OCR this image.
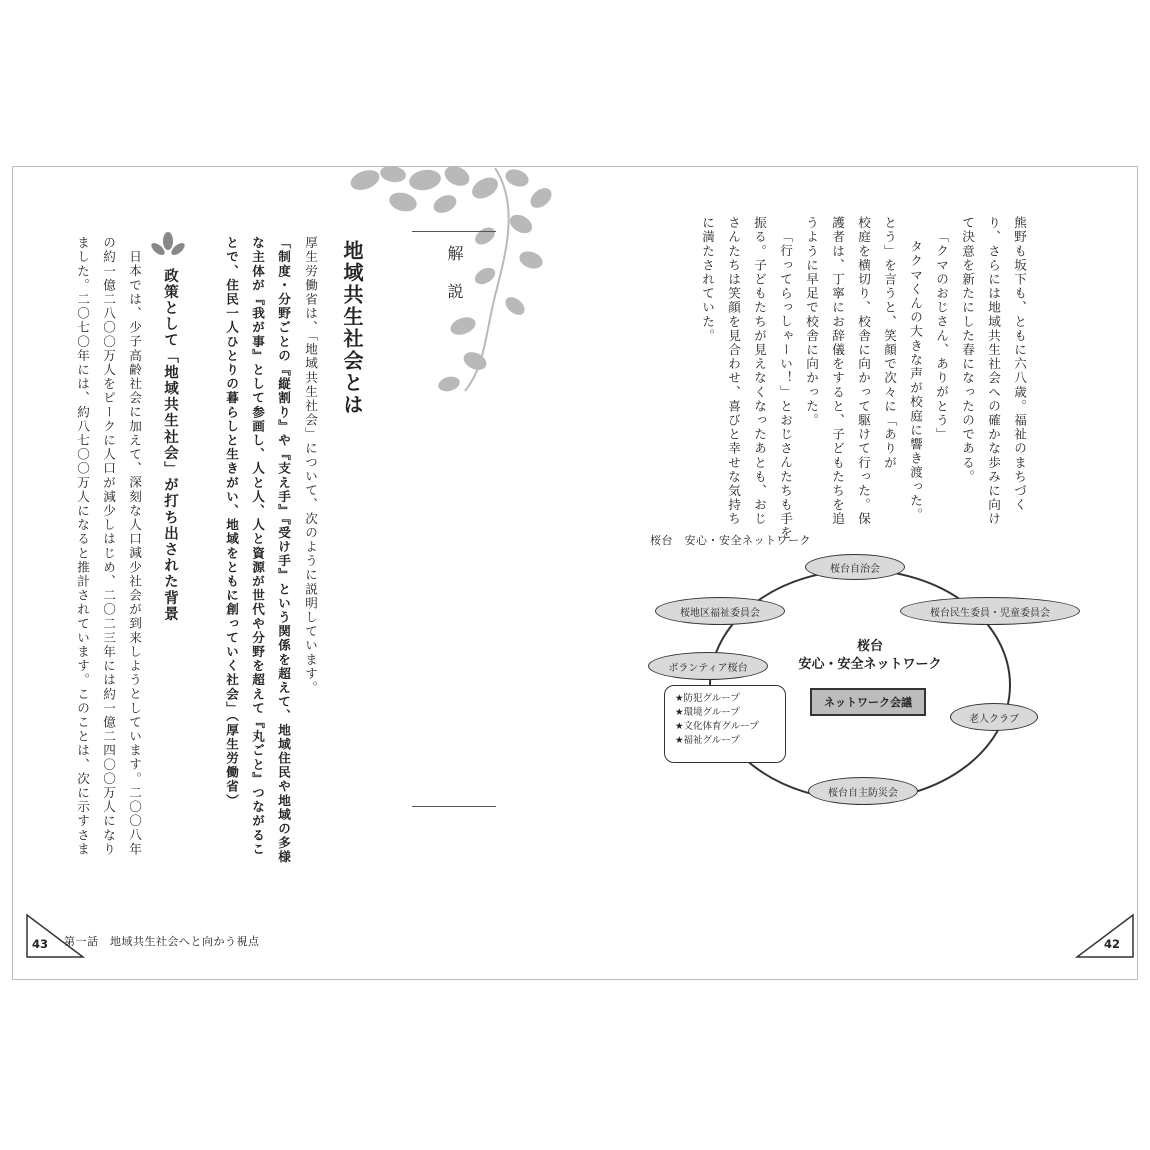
解説
地域共生社会とは
厚生労働省は、「地域共生社会」について、次のように説明しています。
「制度・分野ごとの『縦割り』や『支え手』『受け手』という関係を超えて、地域住民や地域の多様
な主体が『我が事』として参画し、人と人、人と資源が世代や分野を超えて『丸ごと』つながるこ
とで、住民一人ひとりの暮らしと生きがい、地域をともに創っていく社会」（厚生労働省）
政策として「地域共生社会」が打ち出された背景
日本では、少子高齢社会に加えて、深刻な人口減少社会が到来しようとしています。二〇〇八年
の約一億二八〇〇万人をピークに人口が減少しはじめ、二〇二三年には約一億二四〇〇万人になり
ました。二〇七〇年には、約八七〇〇万人になると推計されています。このことは、次に示すさま
43 第一話　地域共生社会へと向かう視点
熊野も坂下も、ともに六八歳。福祉のまちづく
り、さらには地域共生社会への確かな歩みに向け
て決意を新たにした春になったのである。
「クマのおじさん、ありがとう」
タクマくんの大きな声が校庭に響き渡った。
とう」を言うと、笑顔で次々に「ありが
校庭を横切り、校舎に向かって駆けて行った。保
護者は、丁寧にお辞儀をすると、子どもたちを追
うように早足で校舎に向かった。
「行ってらっしゃーい！」とおじさんたちも手を
振る。子どもたちが見えなくなったあとも、おじ
さんたちは笑顔を見合わせ、喜びと幸せな気持ち
に満たされていた。
桜台　安心・安全ネットワーク
桜台自治会
桜地区福祉委員会	桜台民生委員・児童委員会
ボランティア桜台
老人クラブ
桜台自主防災会
桜台
安心・安全ネットワーク
ネットワーク会議
★防犯グループ
★環境グループ
★文化体育グループ
★福祉グループ
42
